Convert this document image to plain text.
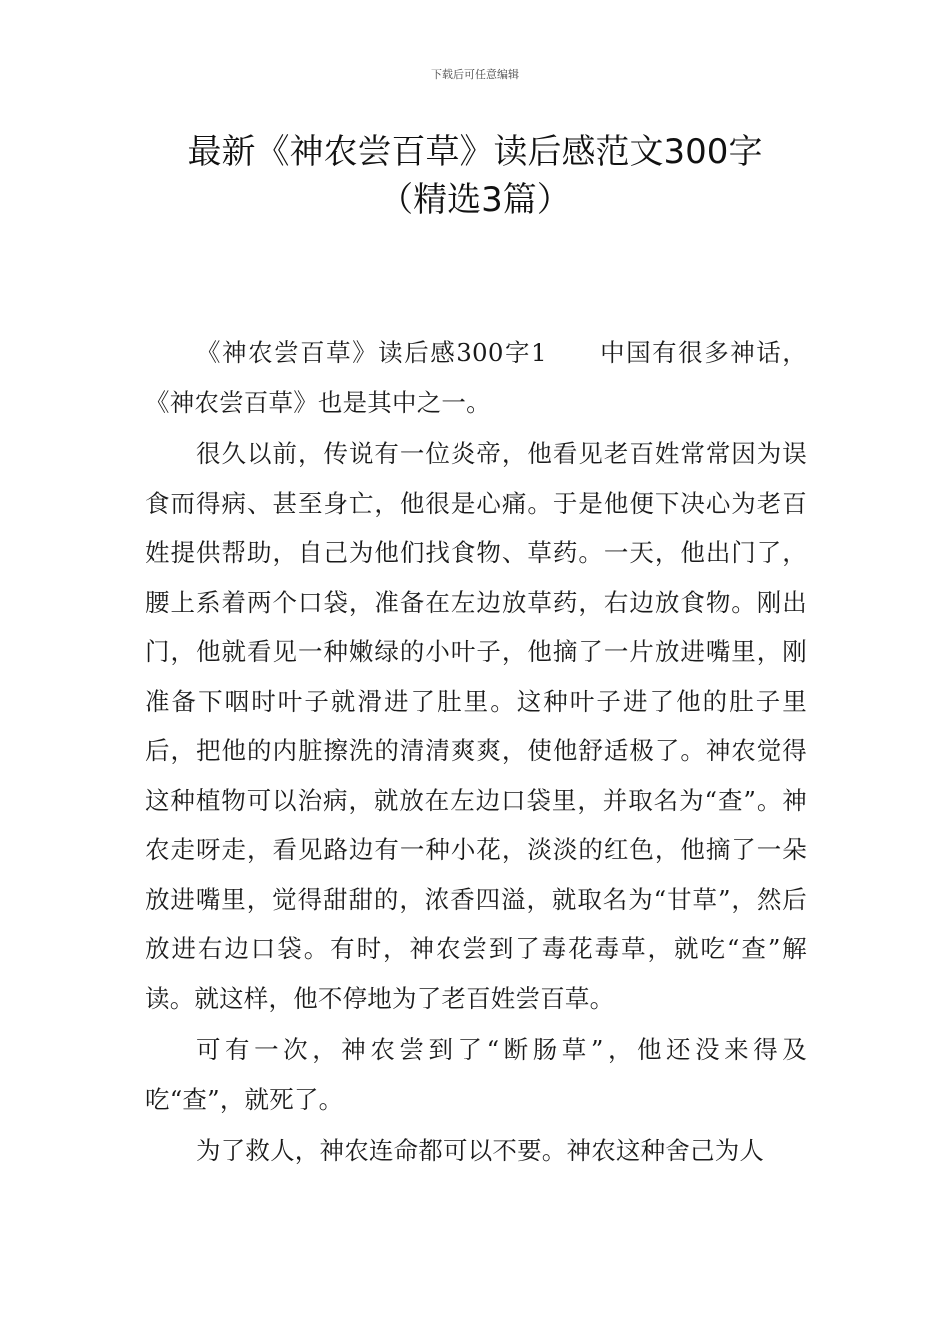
下载后可任意编辑
最新《神农尝百草》读后感范文300字
（精选3篇）

《神农尝百草》读后感300字1 中国有很多神话，《神农尝百草》也是其中之一。

很久以前，传说有一位炎帝，他看见老百姓常常因为误食而得病、甚至身亡，他很是心痛。于是他便下决心为老百姓提供帮助，自己为他们找食物、草药。一天，他出门了，腰上系着两个口袋，准备在左边放草药，右边放食物。刚出门，他就看见一种嫩绿的小叶子，他摘了一片放进嘴里，刚准备下咽时叶子就滑进了肚里。这种叶子进了他的肚子里后，把他的内脏擦洗的清清爽爽，使他舒适极了。神农觉得这种植物可以治病，就放在左边口袋里，并取名为“查”。神农走呀走，看见路边有一种小花，淡淡的红色，他摘了一朵放进嘴里，觉得甜甜的，浓香四溢，就取名为“甘草”，然后放进右边口袋。有时，神农尝到了毒花毒草，就吃“查”解读。就这样，他不停地为了老百姓尝百草。

可有一次，神农尝到了“断肠草”，他还没来得及吃“查”，就死了。

为了救人，神农连命都可以不要。神农这种舍己为人
